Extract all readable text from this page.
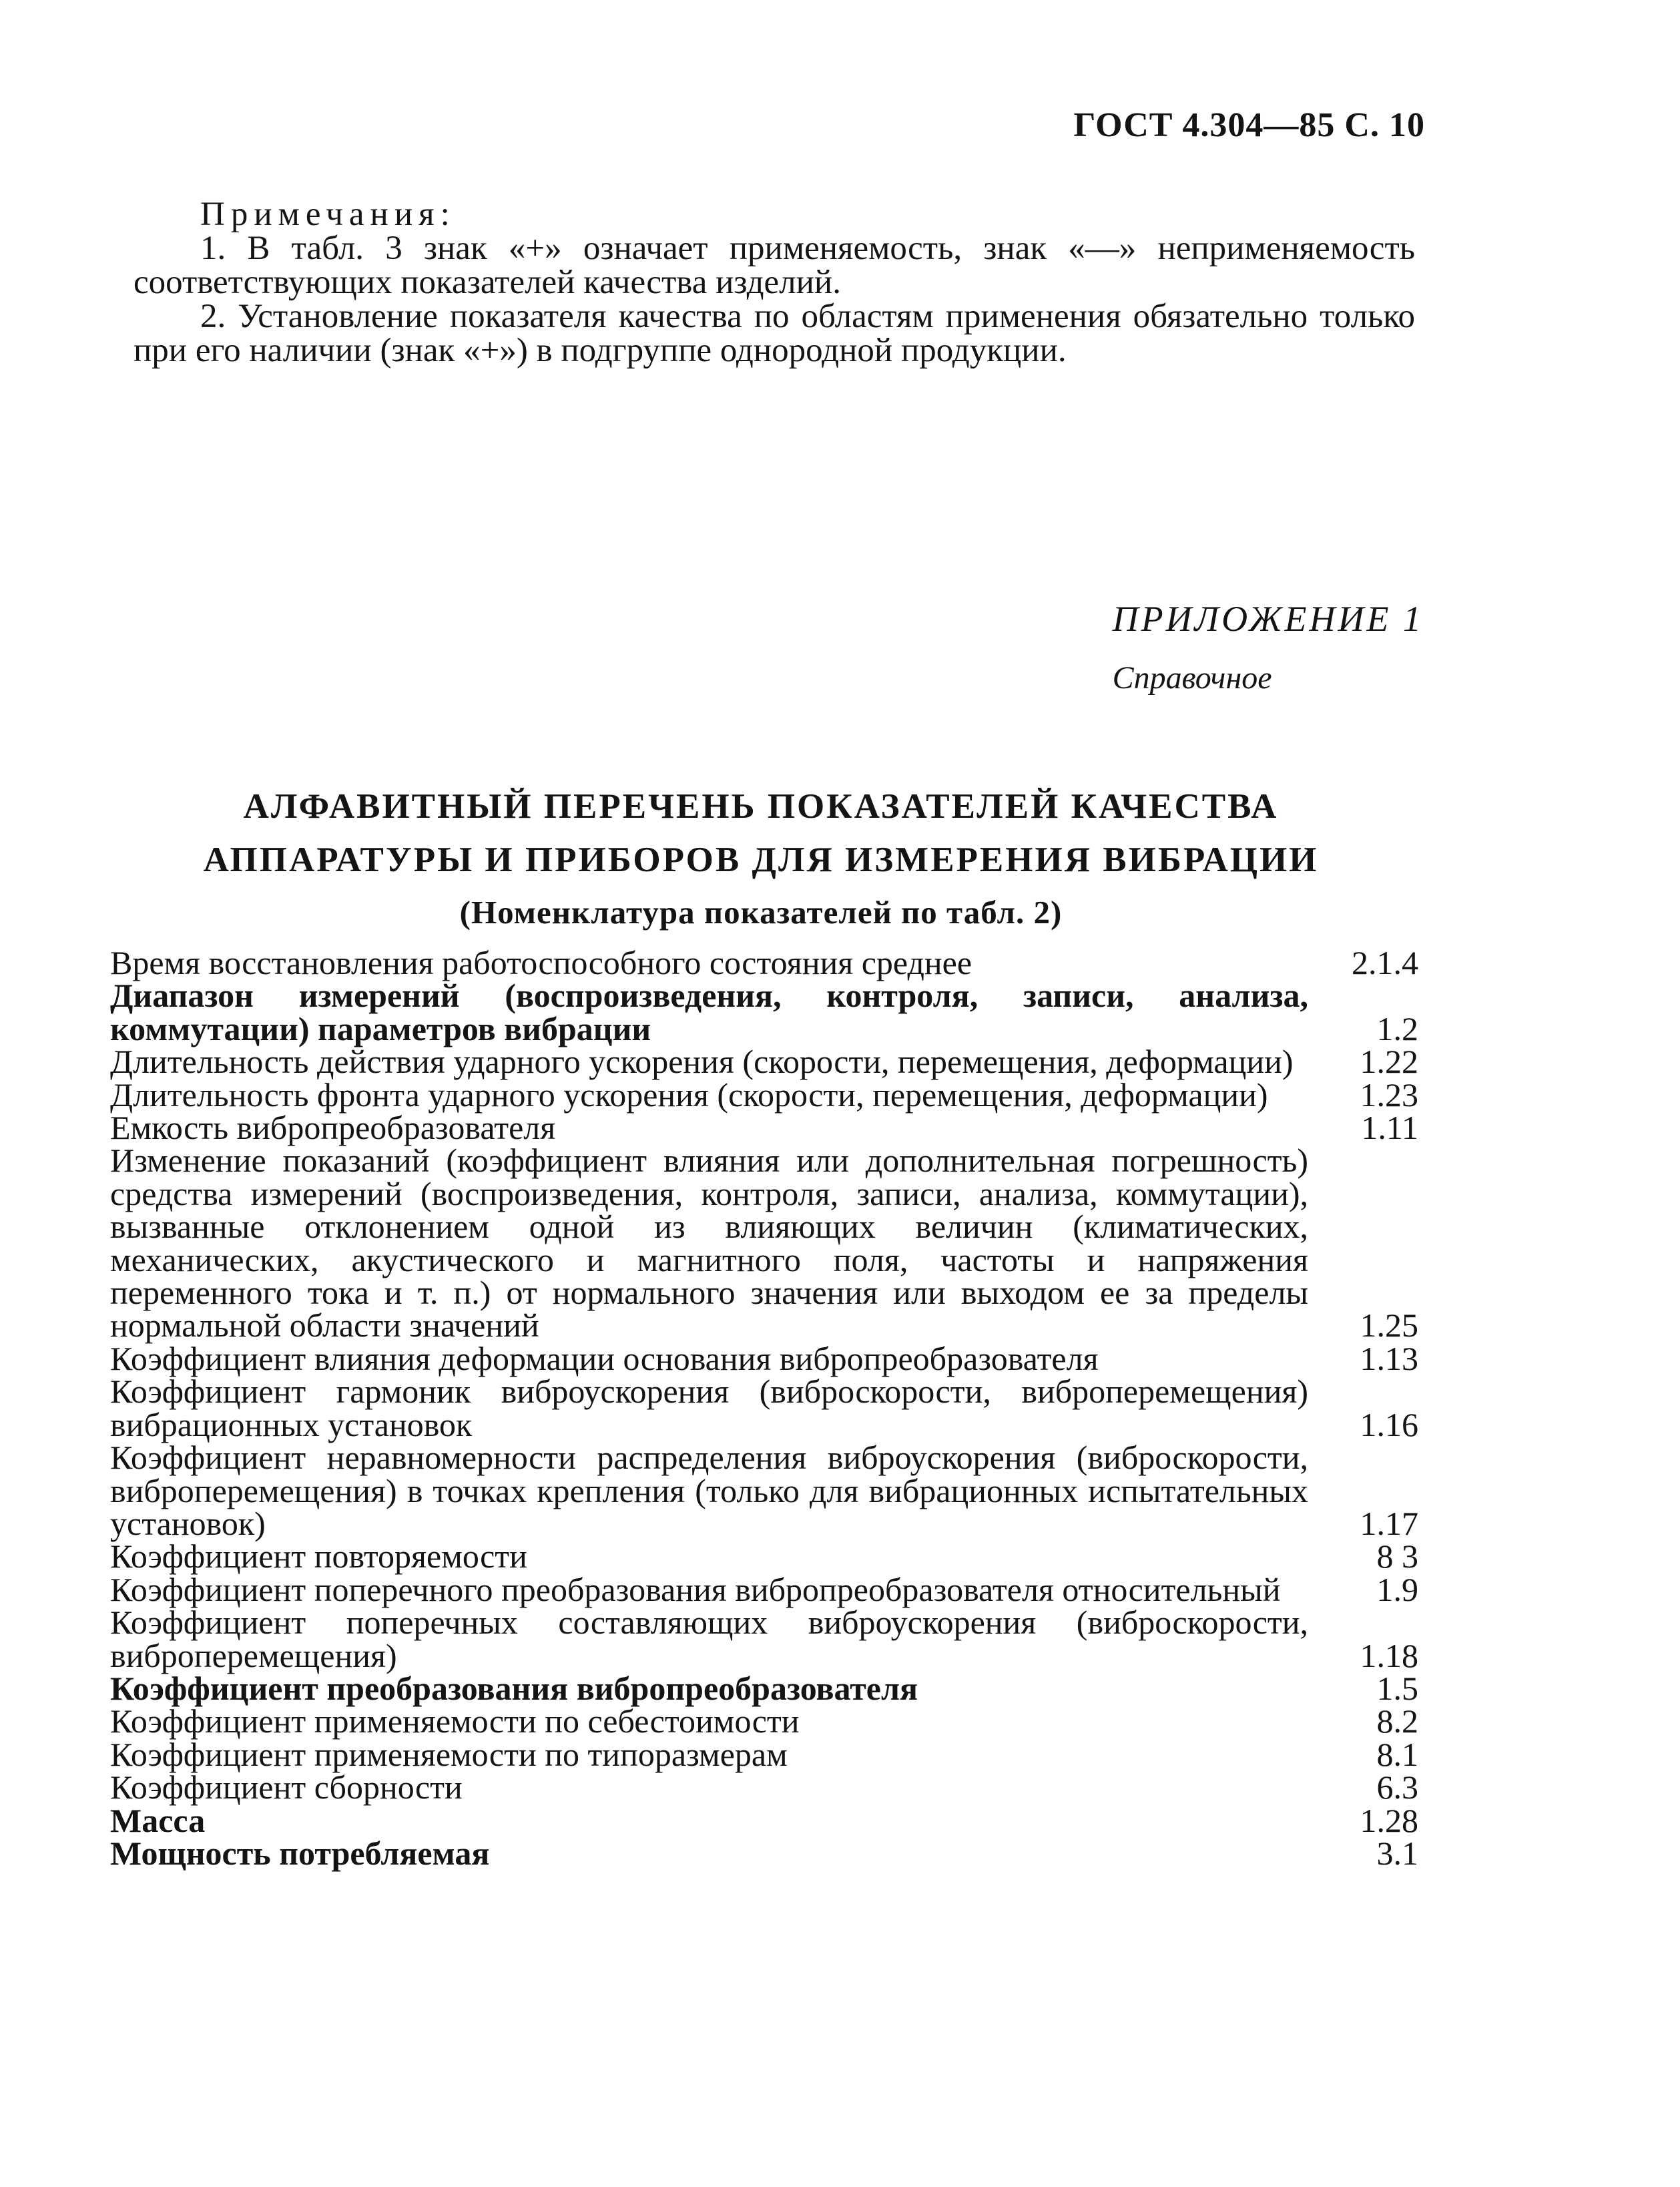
ГОСТ 4.304—85 С. 10
Примечания:

1. В табл. 3 знак «+» означает применяемость, знак «—» неприменяемость соответствующих показателей качества изделий.

2. Установление показателя качества по областям применения обязательно только при его наличии (знак «+») в подгруппе однородной продукции.

ПРИЛОЖЕНИЕ 1
Справочное
АЛФАВИТНЫЙ ПЕРЕЧЕНЬ ПОКАЗАТЕЛЕЙ КАЧЕСТВА
АППАРАТУРЫ И ПРИБОРОВ ДЛЯ ИЗМЕРЕНИЯ ВИБРАЦИИ
(Номенклатура показателей по табл. 2)
Время восстановления работоспособного состояния среднее	2.1.4
Диапазон измерений (воспроизведения, контроля, записи, анализа, коммутации) параметров вибрации	1.2
Длительность действия ударного ускорения (скорости, перемещения, деформации)	1.22
Длительность фронта ударного ускорения (скорости, перемещения, деформации)	1.23
Емкость вибропреобразователя	1.11
Изменение показаний (коэффициент влияния или дополнительная погрешность) средства измерений (воспроизведения, контроля, записи, анализа, коммутации), вызванные отклонением одной из влияющих величин (климатических, механических, акустического и магнитного поля, частоты и напряжения переменного тока и т. п.) от нормального значения или выходом ее за пределы нормальной области значений	1.25
Коэффициент влияния деформации основания вибропреобразователя	1.13
Коэффициент гармоник виброускорения (виброскорости, виброперемещения) вибрационных установок	1.16
Коэффициент неравномерности распределения виброускорения (виброскорости, виброперемещения) в точках крепления (только для вибрационных испытательных установок)	1.17
Коэффициент повторяемости	8 3
Коэффициент поперечного преобразования вибропреобразователя относительный	1.9
Коэффициент поперечных составляющих виброускорения (виброскорости, виброперемещения)	1.18
Коэффициент преобразования вибропреобразователя	1.5
Коэффициент применяемости по себестоимости	8.2
Коэффициент применяемости по типоразмерам	8.1
Коэффициент сборности	6.3
Масса	1.28
Мощность потребляемая	3.1
